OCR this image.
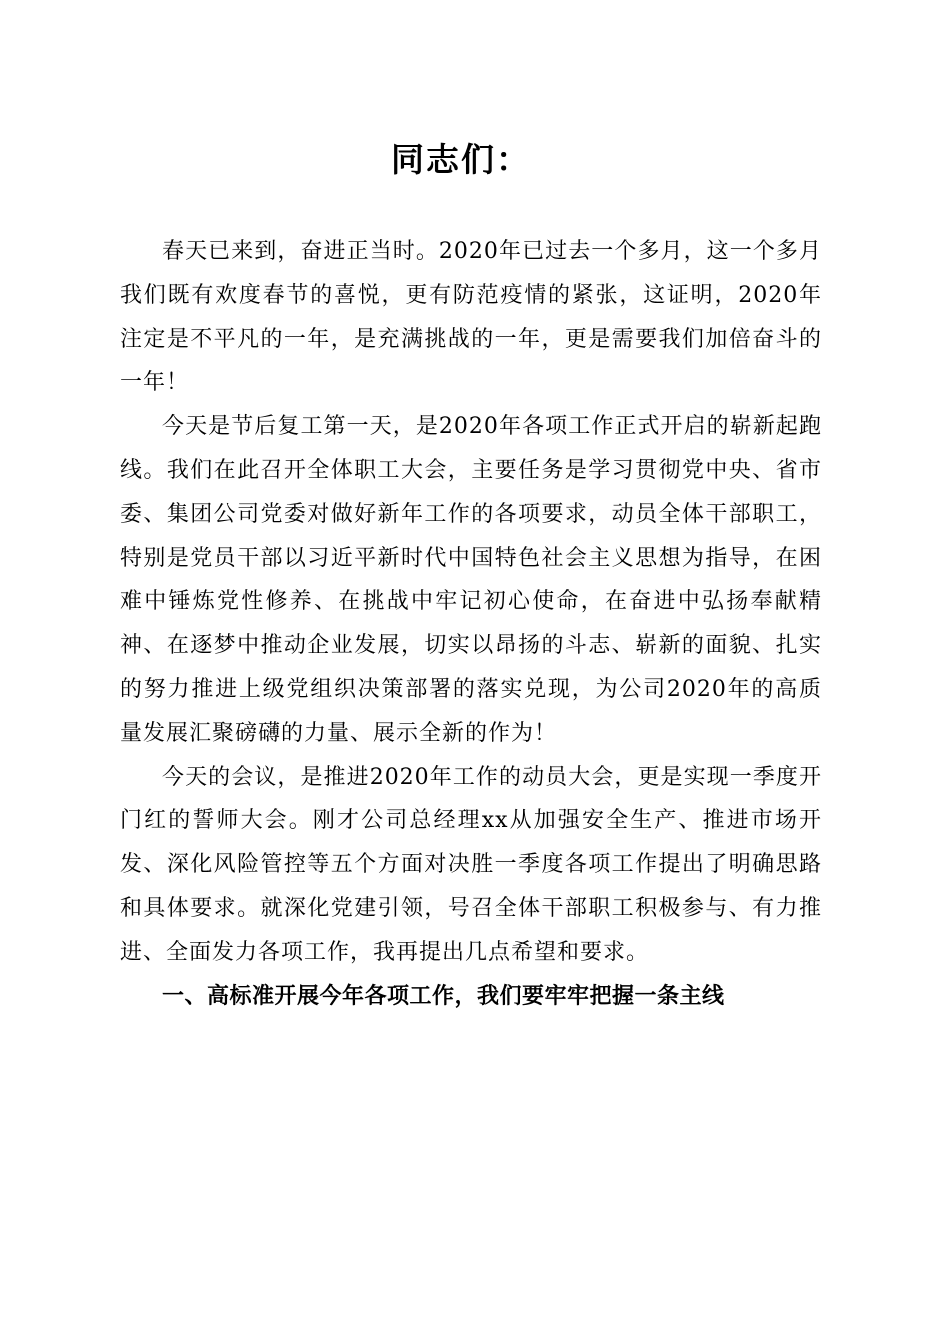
同志们：

春天已来到，奋进正当时。2020年已过去一个多月，这一个多月我们既有欢度春节的喜悦，更有防范疫情的紧张，这证明，2020年注定是不平凡的一年，是充满挑战的一年，更是需要我们加倍奋斗的一年！

今天是节后复工第一天，是2020年各项工作正式开启的崭新起跑线。我们在此召开全体职工大会，主要任务是学习贯彻党中央、省市委、集团公司党委对做好新年工作的各项要求，动员全体干部职工，特别是党员干部以习近平新时代中国特色社会主义思想为指导，在困难中锤炼党性修养、在挑战中牢记初心使命，在奋进中弘扬奉献精神、在逐梦中推动企业发展，切实以昂扬的斗志、崭新的面貌、扎实的努力推进上级党组织决策部署的落实兑现，为公司2020年的高质量发展汇聚磅礴的力量、展示全新的作为！

今天的会议，是推进2020年工作的动员大会，更是实现一季度开门红的誓师大会。刚才公司总经理xx从加强安全生产、推进市场开发、深化风险管控等五个方面对决胜一季度各项工作提出了明确思路和具体要求。就深化党建引领，号召全体干部职工积极参与、有力推进、全面发力各项工作，我再提出几点希望和要求。

一、高标准开展今年各项工作，我们要牢牢把握一条主线
